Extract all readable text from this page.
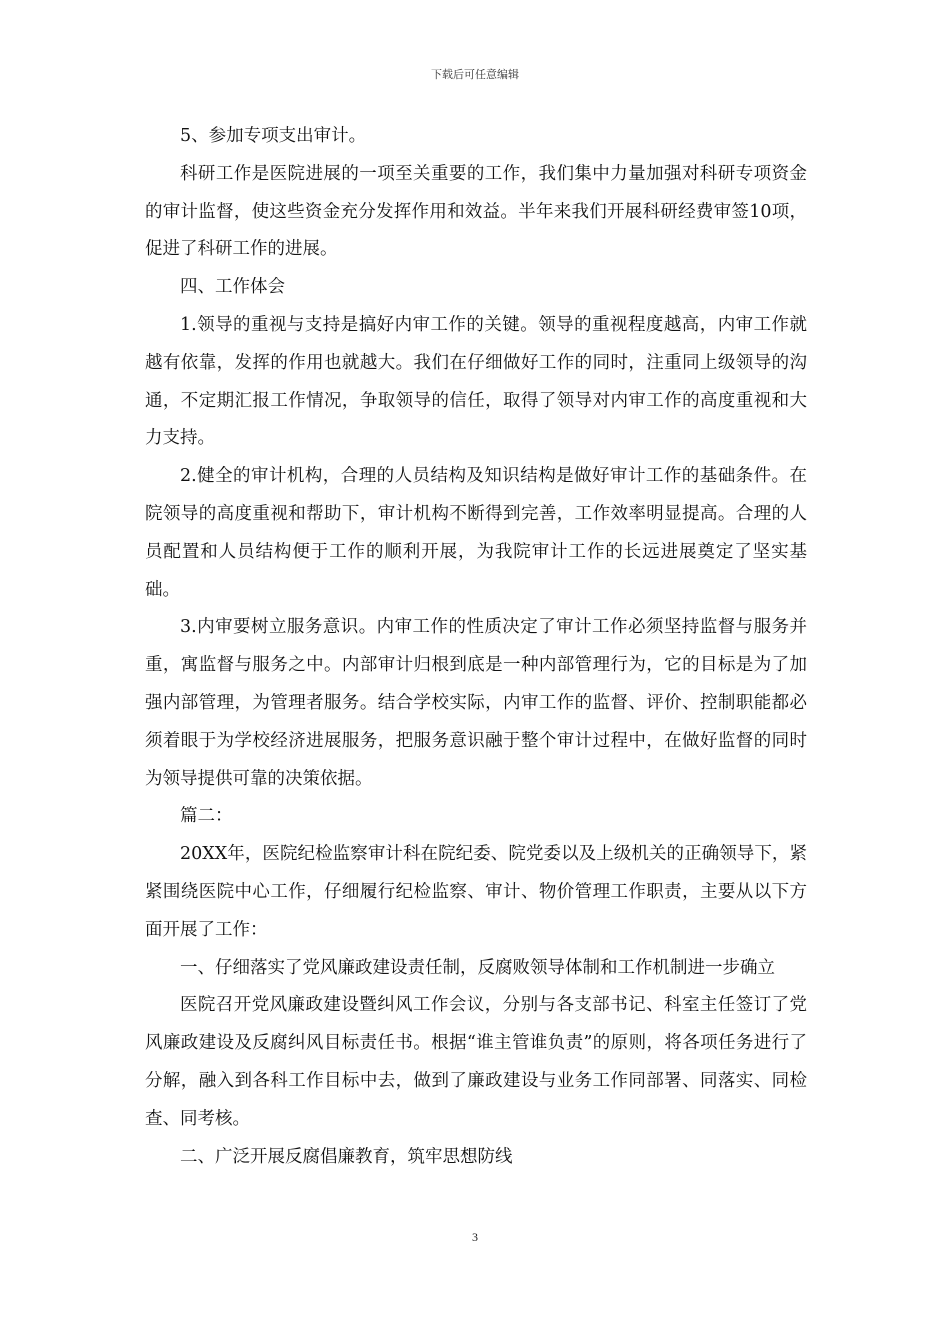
下载后可任意编辑

5、参加专项支出审计。

科研工作是医院进展的一项至关重要的工作，我们集中力量加强对科研专项资金的审计监督，使这些资金充分发挥作用和效益。半年来我们开展科研经费审签10项，促进了科研工作的进展。

四、工作体会

1.领导的重视与支持是搞好内审工作的关键。领导的重视程度越高，内审工作就越有依靠，发挥的作用也就越大。我们在仔细做好工作的同时，注重同上级领导的沟通，不定期汇报工作情况，争取领导的信任，取得了领导对内审工作的高度重视和大力支持。

2.健全的审计机构，合理的人员结构及知识结构是做好审计工作的基础条件。在院领导的高度重视和帮助下，审计机构不断得到完善，工作效率明显提高。合理的人员配置和人员结构便于工作的顺利开展，为我院审计工作的长远进展奠定了坚实基础。

3.内审要树立服务意识。内审工作的性质决定了审计工作必须坚持监督与服务并重，寓监督与服务之中。内部审计归根到底是一种内部管理行为，它的目标是为了加强内部管理，为管理者服务。结合学校实际，内审工作的监督、评价、控制职能都必须着眼于为学校经济进展服务，把服务意识融于整个审计过程中，在做好监督的同时为领导提供可靠的决策依据。

篇二：

20XX年，医院纪检监察审计科在院纪委、院党委以及上级机关的正确领导下，紧紧围绕医院中心工作，仔细履行纪检监察、审计、物价管理工作职责，主要从以下方面开展了工作：

一、仔细落实了党风廉政建设责任制，反腐败领导体制和工作机制进一步确立

医院召开党风廉政建设暨纠风工作会议，分别与各支部书记、科室主任签订了党风廉政建设及反腐纠风目标责任书。根据“谁主管谁负责”的原则，将各项任务进行了分解，融入到各科工作目标中去，做到了廉政建设与业务工作同部署、同落实、同检查、同考核。

二、广泛开展反腐倡廉教育，筑牢思想防线

3
